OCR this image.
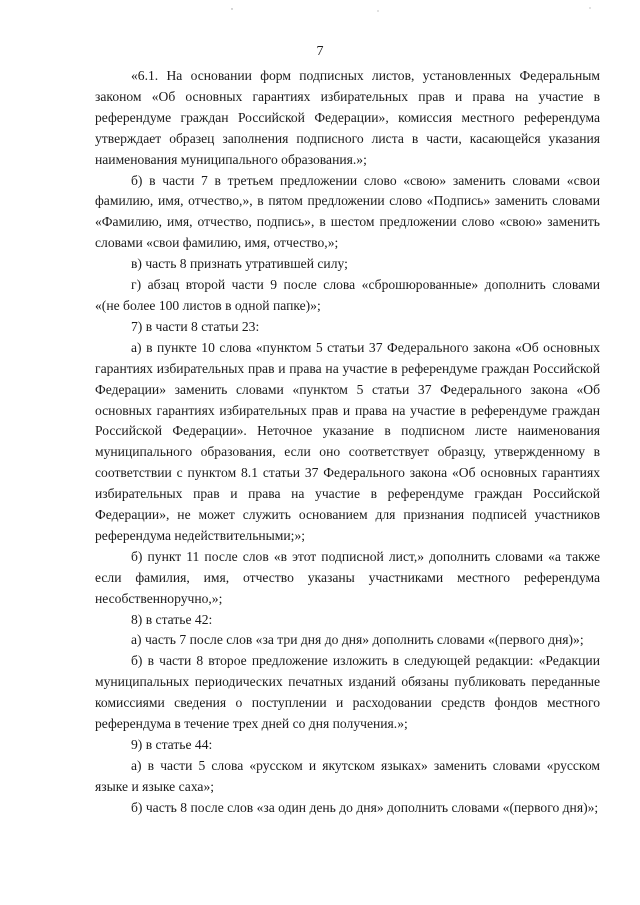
7

«6.1. На основании форм подписных листов, установленных Федеральным законом «Об основных гарантиях избирательных прав и права на участие в референдуме граждан Российской Федерации», комиссия местного референдума утверждает образец заполнения подписного листа в части, касающейся указания наименования муниципального образования.»;

б) в части 7 в третьем предложении слово «свою» заменить словами «свои фамилию, имя, отчество,», в пятом предложении слово «Подпись» заменить словами «Фамилию, имя, отчество, подпись», в шестом предложении слово «свою» заменить словами «свои фамилию, имя, отчество,»;

в) часть 8 признать утратившей силу;

г) абзац второй части 9 после слова «сброшюрованные» дополнить словами «(не более 100 листов в одной папке)»;

7) в части 8 статьи 23:

а) в пункте 10 слова «пунктом 5 статьи 37 Федерального закона «Об основных гарантиях избирательных прав и права на участие в референдуме граждан Российской Федерации» заменить словами «пунктом 5 статьи 37 Федерального закона «Об основных гарантиях избирательных прав и права на участие в референдуме граждан Российской Федерации». Неточное указание в подписном листе наименования муниципального образования, если оно соответствует образцу, утвержденному в соответствии с пунктом 8.1 статьи 37 Федерального закона «Об основных гарантиях избирательных прав и права на участие в референдуме граждан Российской Федерации», не может служить основанием для признания подписей участников референдума недействительными;»;

б) пункт 11 после слов «в этот подписной лист,» дополнить словами «а также если фамилия, имя, отчество указаны участниками местного референдума несобственноручно,»;

8) в статье 42:

а) часть 7 после слов «за три дня до дня» дополнить словами «(первого дня)»;

б) в части 8 второе предложение изложить в следующей редакции: «Редакции муниципальных периодических печатных изданий обязаны публиковать переданные комиссиями сведения о поступлении и расходовании средств фондов местного референдума в течение трех дней со дня получения.»;

9) в статье 44:

а) в части 5 слова «русском и якутском языках» заменить словами «русском языке и языке саха»;

б) часть 8 после слов «за один день до дня» дополнить словами «(первого дня)»;
